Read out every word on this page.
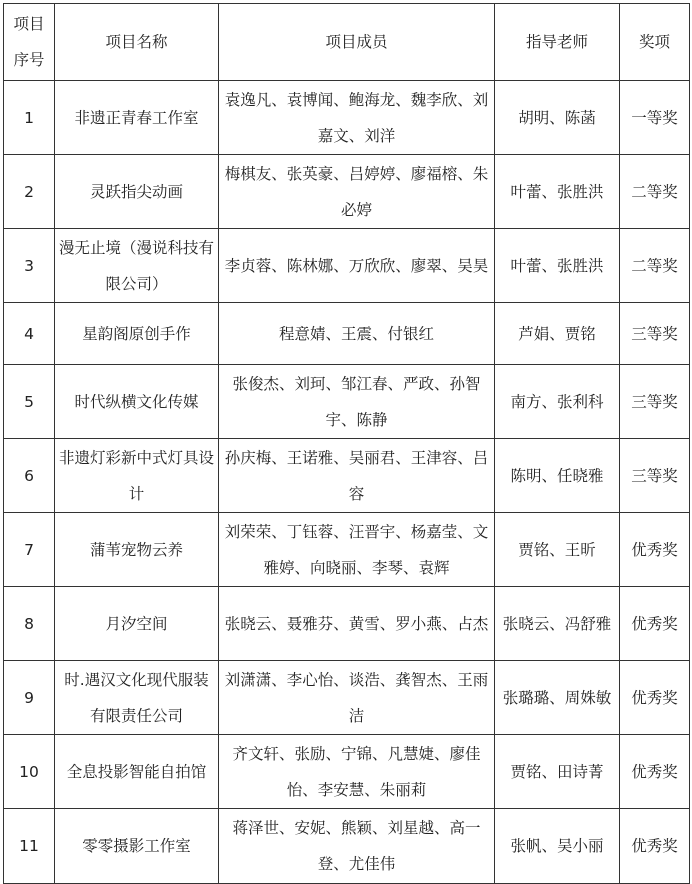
项目
序号	项目名称	项目成员	指导老师	奖项
1	非遗正青春工作室	袁逸凡、袁博闻、鲍海龙、魏李欣、刘嘉文、刘洋	胡明、陈菡	一等奖
2	灵跃指尖动画	梅棋友、张英豪、吕婷婷、廖福榕、朱必婷	叶蕾、张胜洪	二等奖
3	漫无止境（漫说科技有限公司）	李贞蓉、陈林娜、万欣欣、廖翠、吴昊	叶蕾、张胜洪	二等奖
4	星韵阁原创手作	程意婧、王震、付银红	芦娟、贾铭	三等奖
5	时代纵横文化传媒	张俊杰、刘珂、邹江春、严政、孙智宇、陈静	南方、张利科	三等奖
6	非遗灯彩新中式灯具设计	孙庆梅、王诺雅、吴丽君、王津容、吕容	陈明、任晓雅	三等奖
7	蒲苇宠物云养	刘荣荣、丁钰蓉、汪晋宇、杨嘉莹、文雅婷、向晓丽、李琴、袁辉	贾铭、王昕	优秀奖
8	月汐空间	张晓云、聂雅芬、黄雪、罗小燕、占杰	张晓云、冯舒雅	优秀奖
9	时.遇汉文化现代服装有限责任公司	刘潇潇、李心怡、谈浩、龚智杰、王雨洁	张璐璐、周姝敏	优秀奖
10	全息投影智能自拍馆	齐文轩、张励、宁锦、凡慧婕、廖佳怡、李安慧、朱丽莉	贾铭、田诗菁	优秀奖
11	零零摄影工作室	蒋泽世、安妮、熊颖、刘星越、高一登、尤佳伟	张帆、吴小丽	优秀奖
